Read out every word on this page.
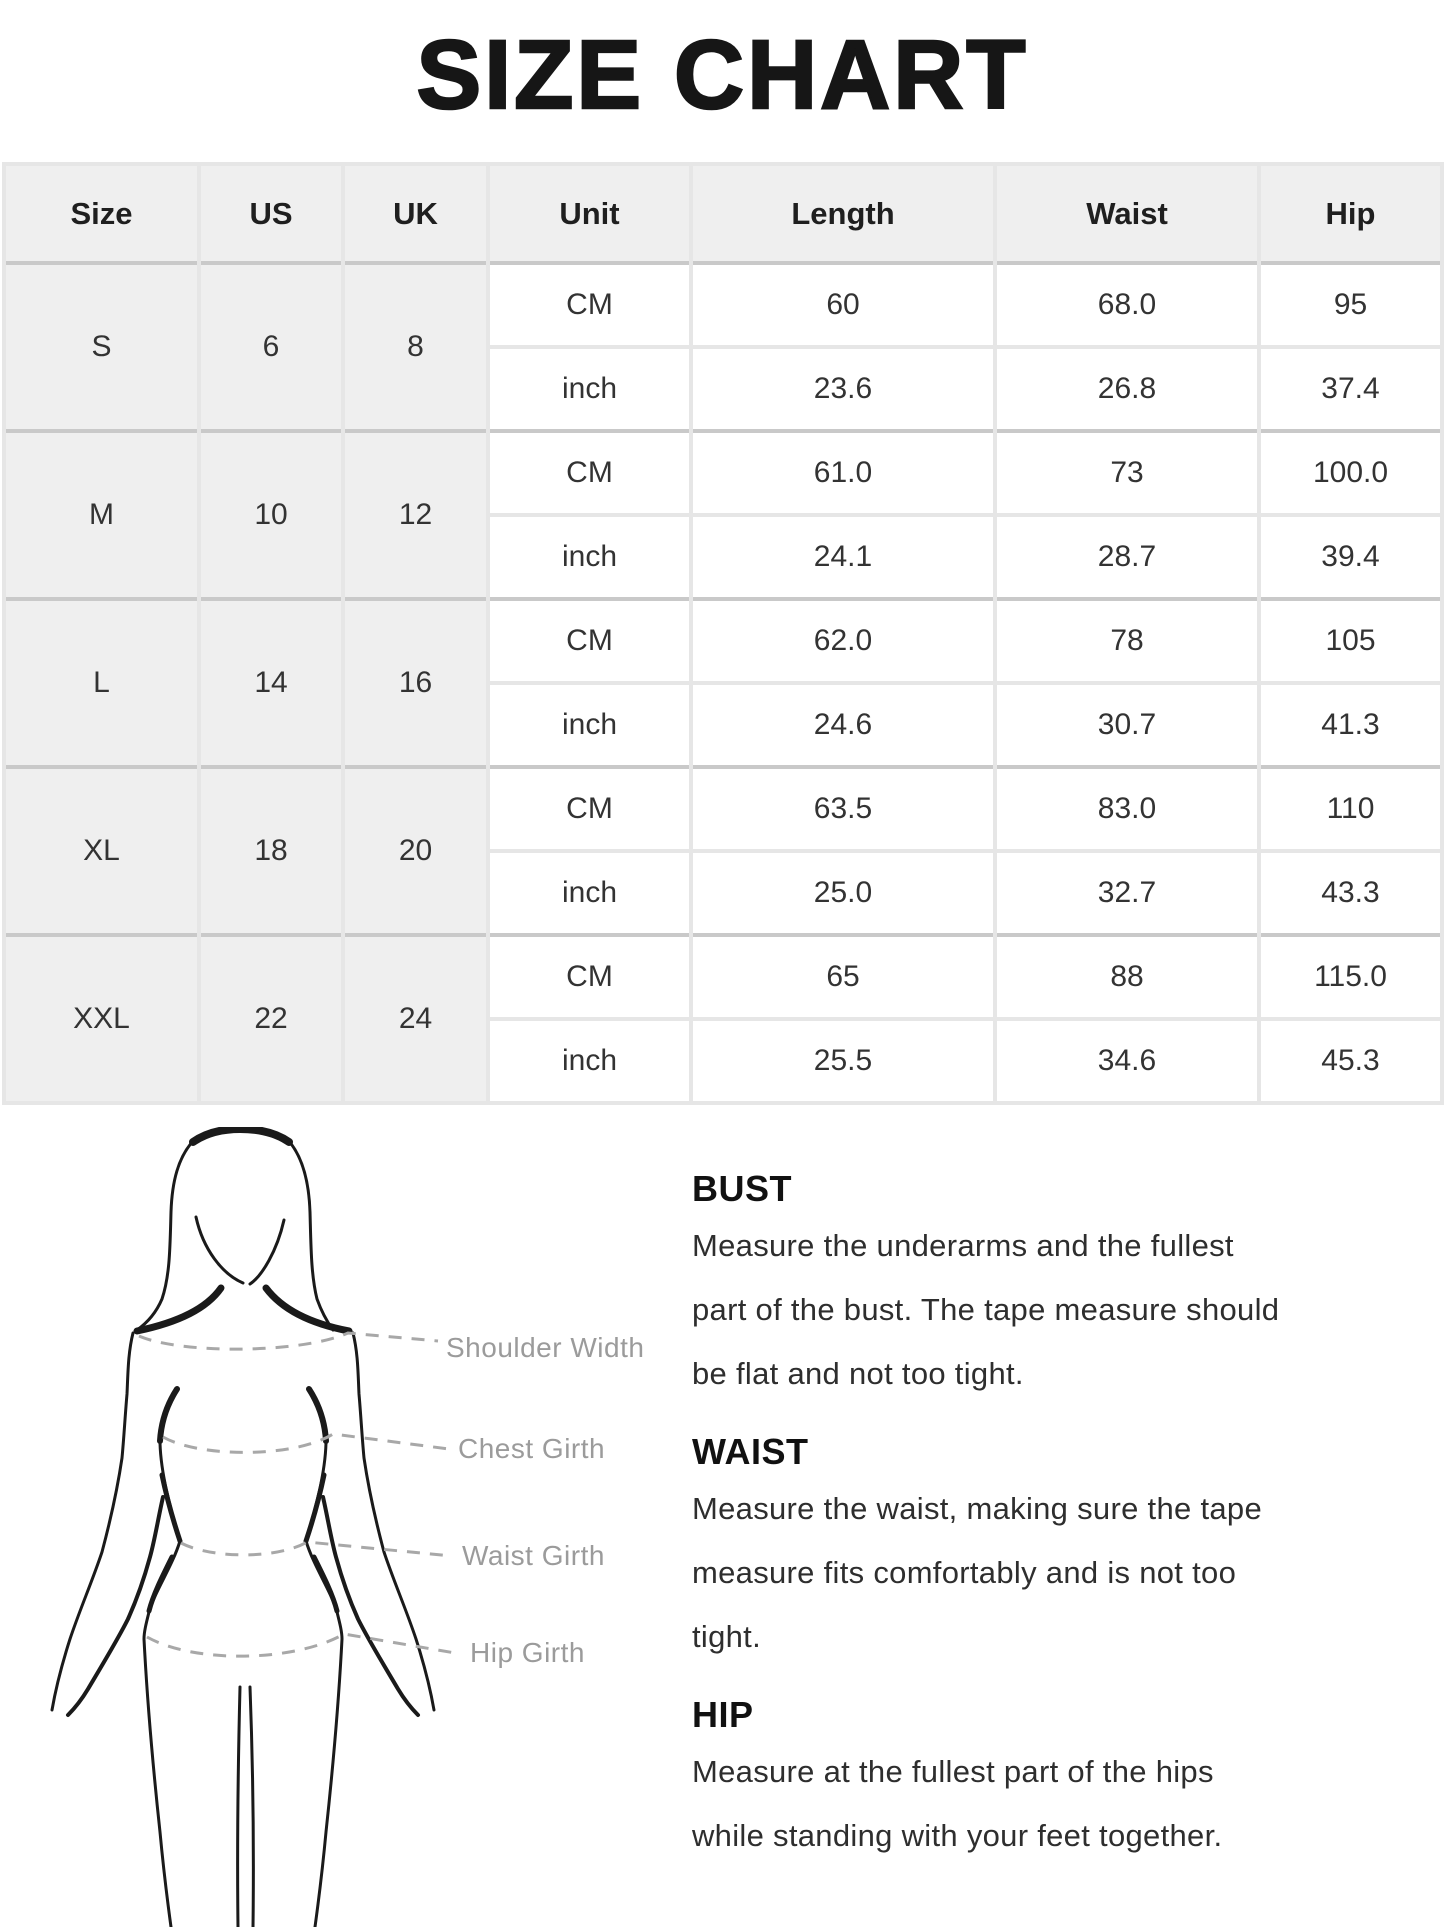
SIZE CHART
Size	US	UK	Unit	Length	Waist	Hip
S	6	8	CM	60	68.0	95
			inch	23.6	26.8	37.4
M	10	12	CM	61.0	73	100.0
			inch	24.1	28.7	39.4
L	14	16	CM	62.0	78	105
			inch	24.6	30.7	41.3
XL	18	20	CM	63.5	83.0	110
			inch	25.0	32.7	43.3
XXL	22	24	CM	65	88	115.0
			inch	25.5	34.6	45.3
Shoulder Width
Chest Girth
Waist Girth
Hip Girth
BUST
Measure the underarms and the fullest
part of the bust. The tape measure should
be flat and not too tight.
WAIST
Measure the waist, making sure the tape
measure fits comfortably and is not too
tight.
HIP
Measure at the fullest part of the hips
while standing with your feet together.
